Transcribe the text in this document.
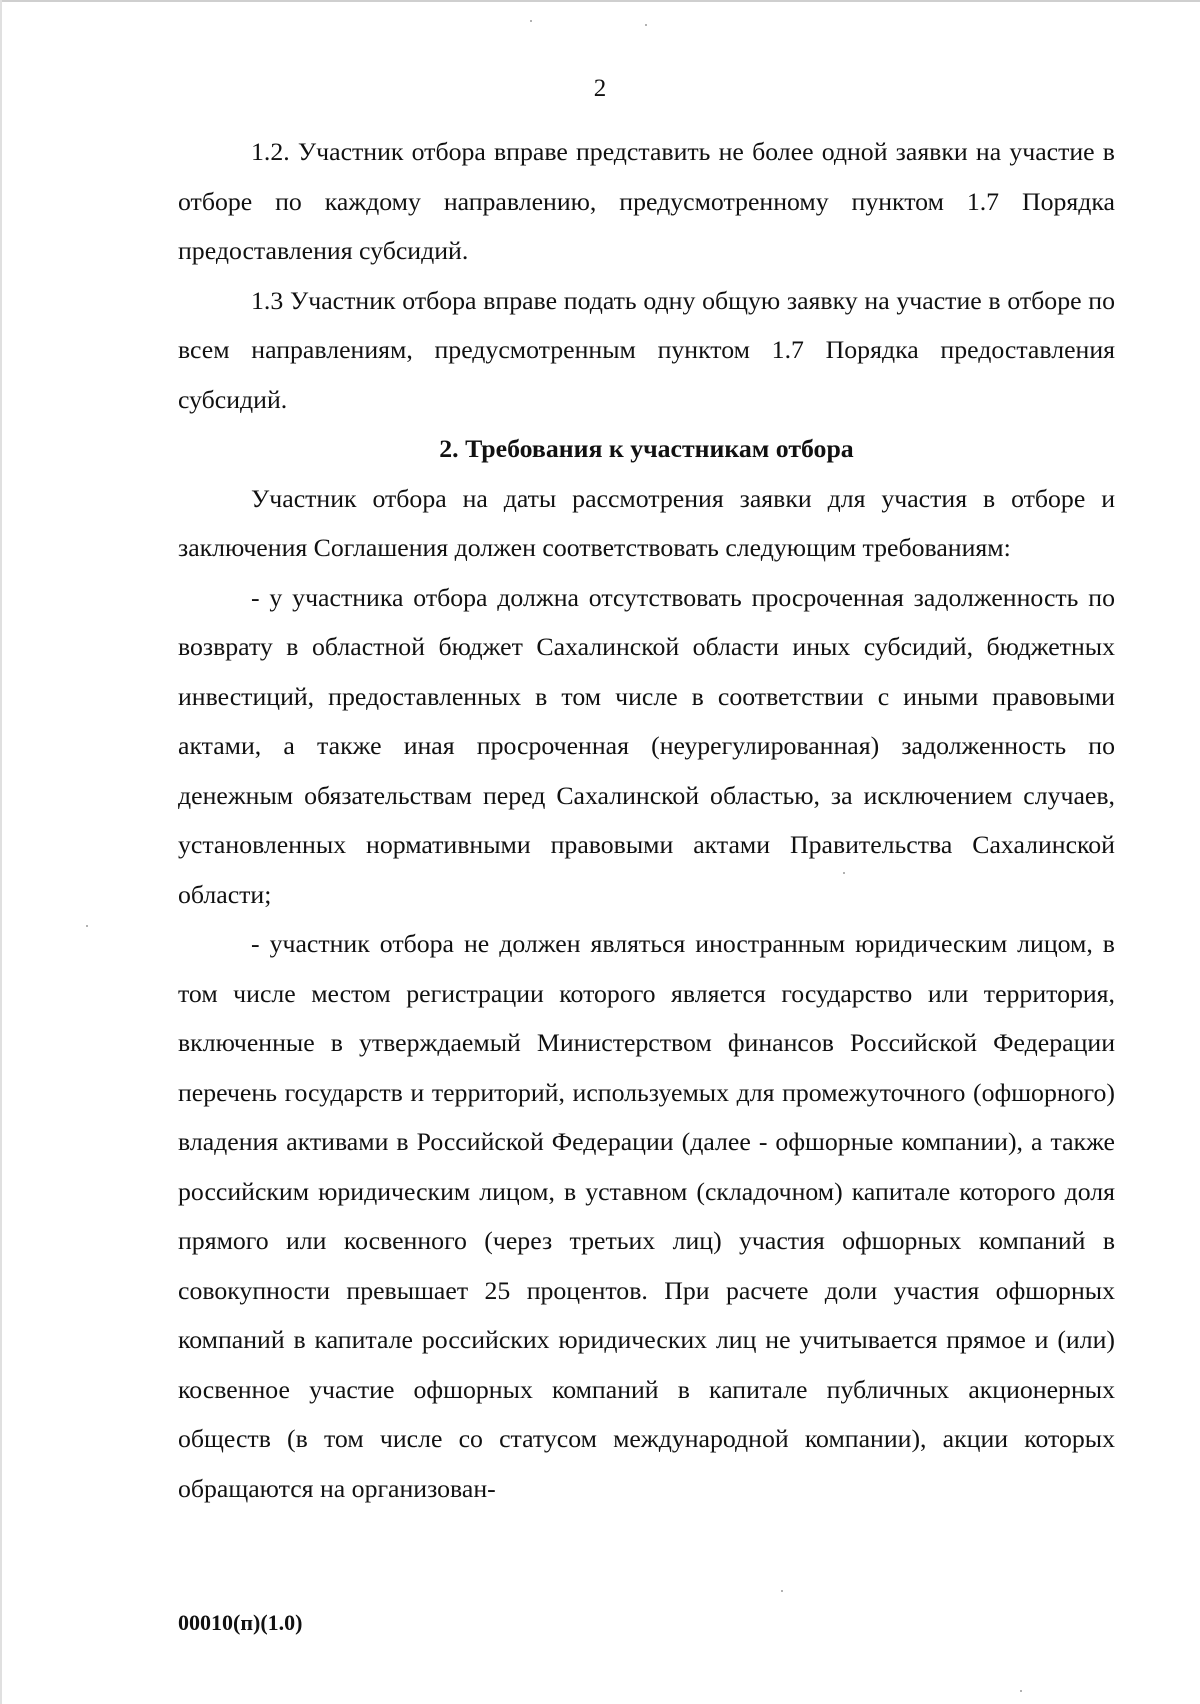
2

1.2. Участник отбора вправе представить не более одной заявки на участие в отборе по каждому направлению, предусмотренному пунктом 1.7 Порядка предоставления субсидий.

1.3 Участник отбора вправе подать одну общую заявку на участие в отборе по всем направлениям, предусмотренным пунктом 1.7 Порядка предоставления субсидий.

2. Требования к участникам отбора

Участник отбора на даты рассмотрения заявки для участия в отборе и заключения Соглашения должен соответствовать следующим требованиям:

- у участника отбора должна отсутствовать просроченная задолженность по возврату в областной бюджет Сахалинской области иных субсидий, бюджетных инвестиций, предоставленных в том числе в соответствии с иными правовыми актами, а также иная просроченная (неурегулированная) задолженность по денежным обязательствам перед Сахалинской областью, за исключением случаев, установленных нормативными правовыми актами Правительства Сахалинской области;

- участник отбора не должен являться иностранным юридическим лицом, в том числе местом регистрации которого является государство или территория, включенные в утверждаемый Министерством финансов Российской Федерации перечень государств и территорий, используемых для промежуточного (офшорного) владения активами в Российской Федерации (далее - офшорные компании), а также российским юридическим лицом, в уставном (складочном) капитале которого доля прямого или косвенного (через третьих лиц) участия офшорных компаний в совокупности превышает 25 процентов. При расчете доли участия офшорных компаний в капитале российских юридических лиц не учитывается прямое и (или) косвенное участие офшорных компаний в капитале публичных акционерных обществ (в том числе со статусом международной компании), акции которых обращаются на организован-

00010(п)(1.0)
